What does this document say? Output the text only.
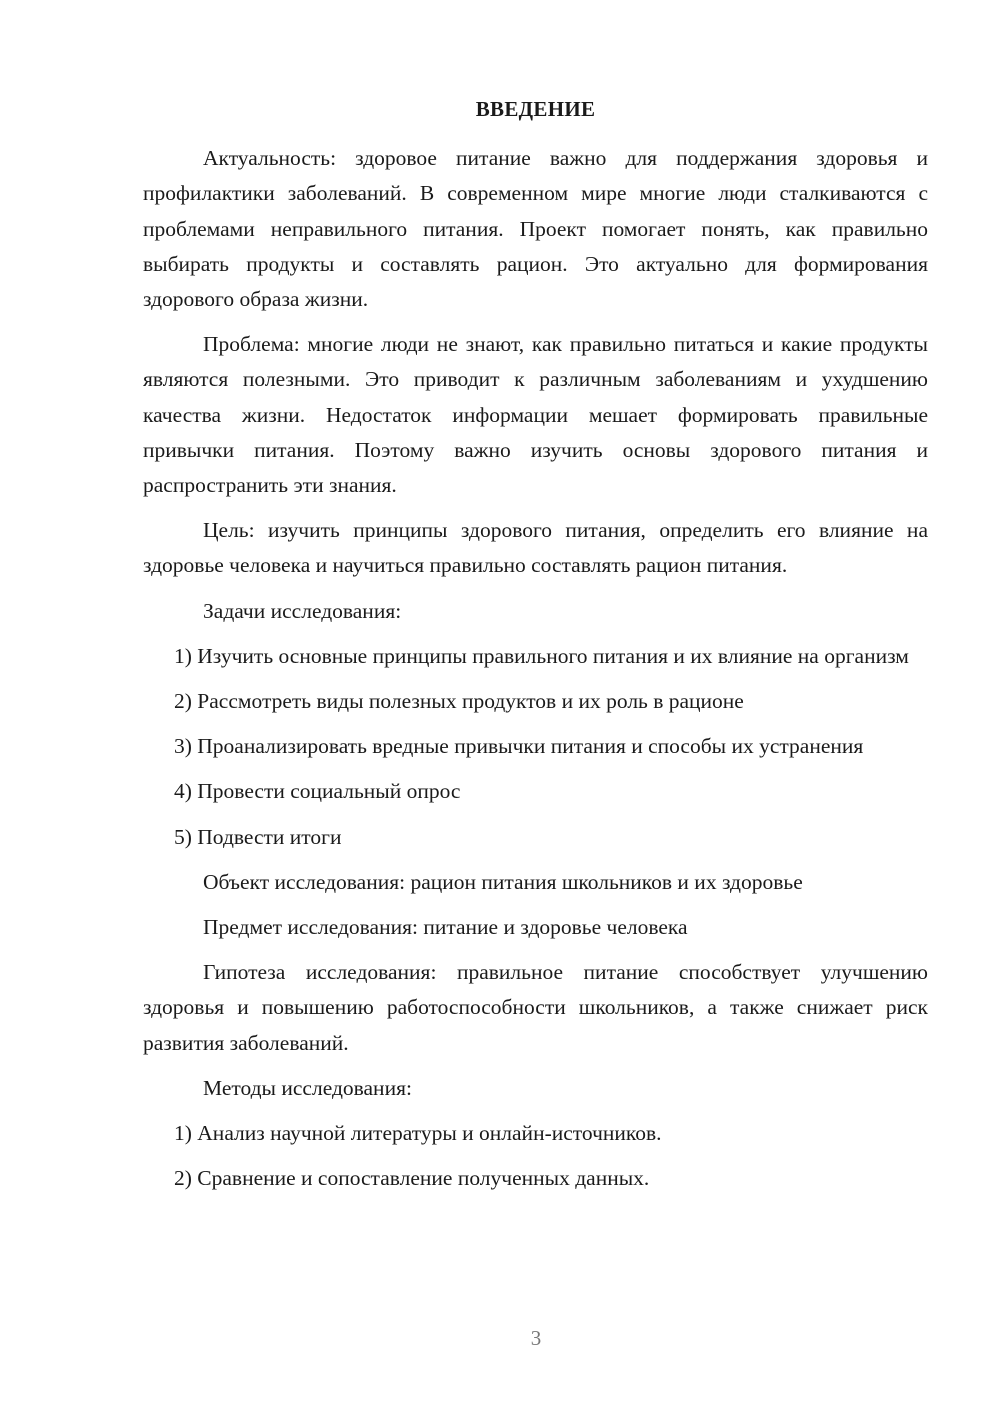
ВВЕДЕНИЕ

Актуальность: здоровое питание важно для поддержания здоровья и профилактики заболеваний. В современном мире многие люди сталкиваются с проблемами неправильного питания. Проект помогает понять, как правильно выбирать продукты и составлять рацион. Это актуально для формирования здорового образа жизни.

Проблема: многие люди не знают, как правильно питаться и какие продукты являются полезными. Это приводит к различным заболеваниям и ухудшению качества жизни. Недостаток информации мешает формировать правильные привычки питания. Поэтому важно изучить основы здорового питания и распространить эти знания.

Цель: изучить принципы здорового питания, определить его влияние на здоровье человека и научиться правильно составлять рацион питания.

Задачи исследования:

1) Изучить основные принципы правильного питания и их влияние на организм

2) Рассмотреть виды полезных продуктов и их роль в рационе

3) Проанализировать вредные привычки питания и способы их устранения

4) Провести социальный опрос

5) Подвести итоги

Объект исследования: рацион питания школьников и их здоровье

Предмет исследования: питание и здоровье человека

Гипотеза исследования: правильное питание способствует улучшению здоровья и повышению работоспособности школьников, а также снижает риск развития заболеваний.

Методы исследования:

1) Анализ научной литературы и онлайн-источников.

2) Сравнение и сопоставление полученных данных.

3
